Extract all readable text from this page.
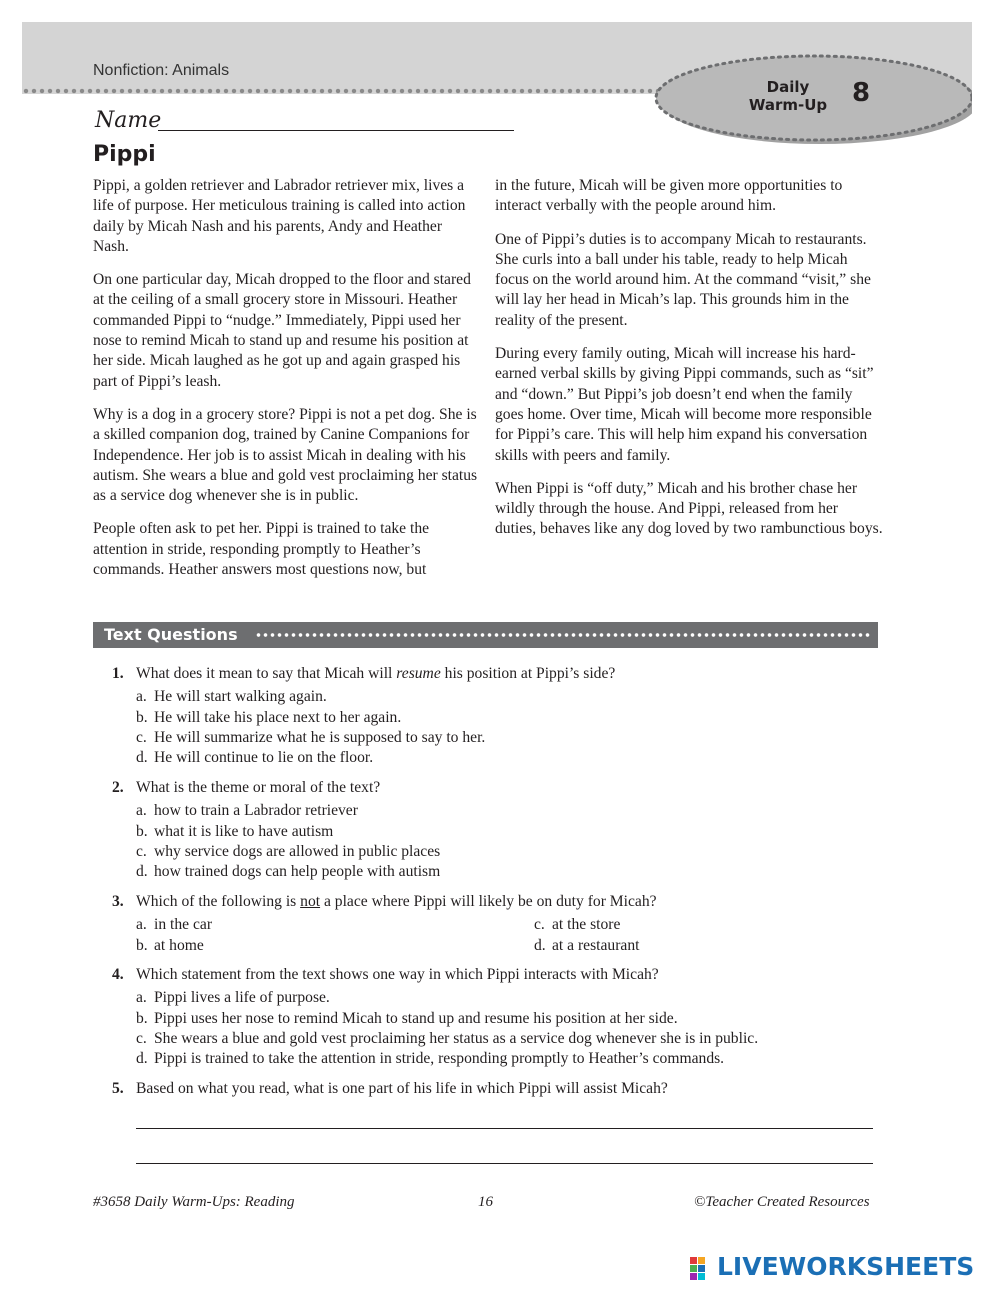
Nonfiction: Animals
Daily
Warm-Up 8
Name
Pippi

Pippi, a golden retriever and Labrador retriever mix, lives a life of purpose. Her meticulous training is called into action daily by Micah Nash and his parents, Andy and Heather Nash.

On one particular day, Micah dropped to the floor and stared at the ceiling of a small grocery store in Missouri. Heather commanded Pippi to “nudge.” Immediately, Pippi used her nose to remind Micah to stand up and resume his position at her side. Micah laughed as he got up and again grasped his part of Pippi’s leash.

Why is a dog in a grocery store? Pippi is not a pet dog. She is a skilled companion dog, trained by Canine Companions for Independence. Her job is to assist Micah in dealing with his autism. She wears a blue and gold vest proclaiming her status as a service dog whenever she is in public.

People often ask to pet her. Pippi is trained to take the attention in stride, responding promptly to Heather’s commands. Heather answers most questions now, but

in the future, Micah will be given more opportunities to interact verbally with the people around him.

One of Pippi’s duties is to accompany Micah to restaurants. She curls into a ball under his table, ready to help Micah focus on the world around him. At the command “visit,” she will lay her head in Micah’s lap. This grounds him in the reality of the present.

During every family outing, Micah will increase his hard-earned verbal skills by giving Pippi commands, such as “sit” and “down.” But Pippi’s job doesn’t end when the family goes home. Over time, Micah will become more responsible for Pippi’s care. This will help him expand his conversation skills with peers and family.

When Pippi is “off duty,” Micah and his brother chase her wildly through the house. And Pippi, released from her duties, behaves like any dog loved by two rambunctious boys.

Text Questions
1. What does it mean to say that Micah will resume his position at Pippi’s side?
a. He will start walking again.
b. He will take his place next to her again.
c. He will summarize what he is supposed to say to her.
d. He will continue to lie on the floor.
2. What is the theme or moral of the text?
a. how to train a Labrador retriever
b. what it is like to have autism
c. why service dogs are allowed in public places
d. how trained dogs can help people with autism
3. Which of the following is not a place where Pippi will likely be on duty for Micah?
a. in the car	c. at the store
b. at home	d. at a restaurant
4. Which statement from the text shows one way in which Pippi interacts with Micah?
a. Pippi lives a life of purpose.
b. Pippi uses her nose to remind Micah to stand up and resume his position at her side.
c. She wears a blue and gold vest proclaiming her status as a service dog whenever she is in public.
d. Pippi is trained to take the attention in stride, responding promptly to Heather’s commands.
5. Based on what you read, what is one part of his life in which Pippi will assist Micah?
#3658 Daily Warm-Ups: Reading	16	©Teacher Created Resources
LIVEWORKSHEETS
